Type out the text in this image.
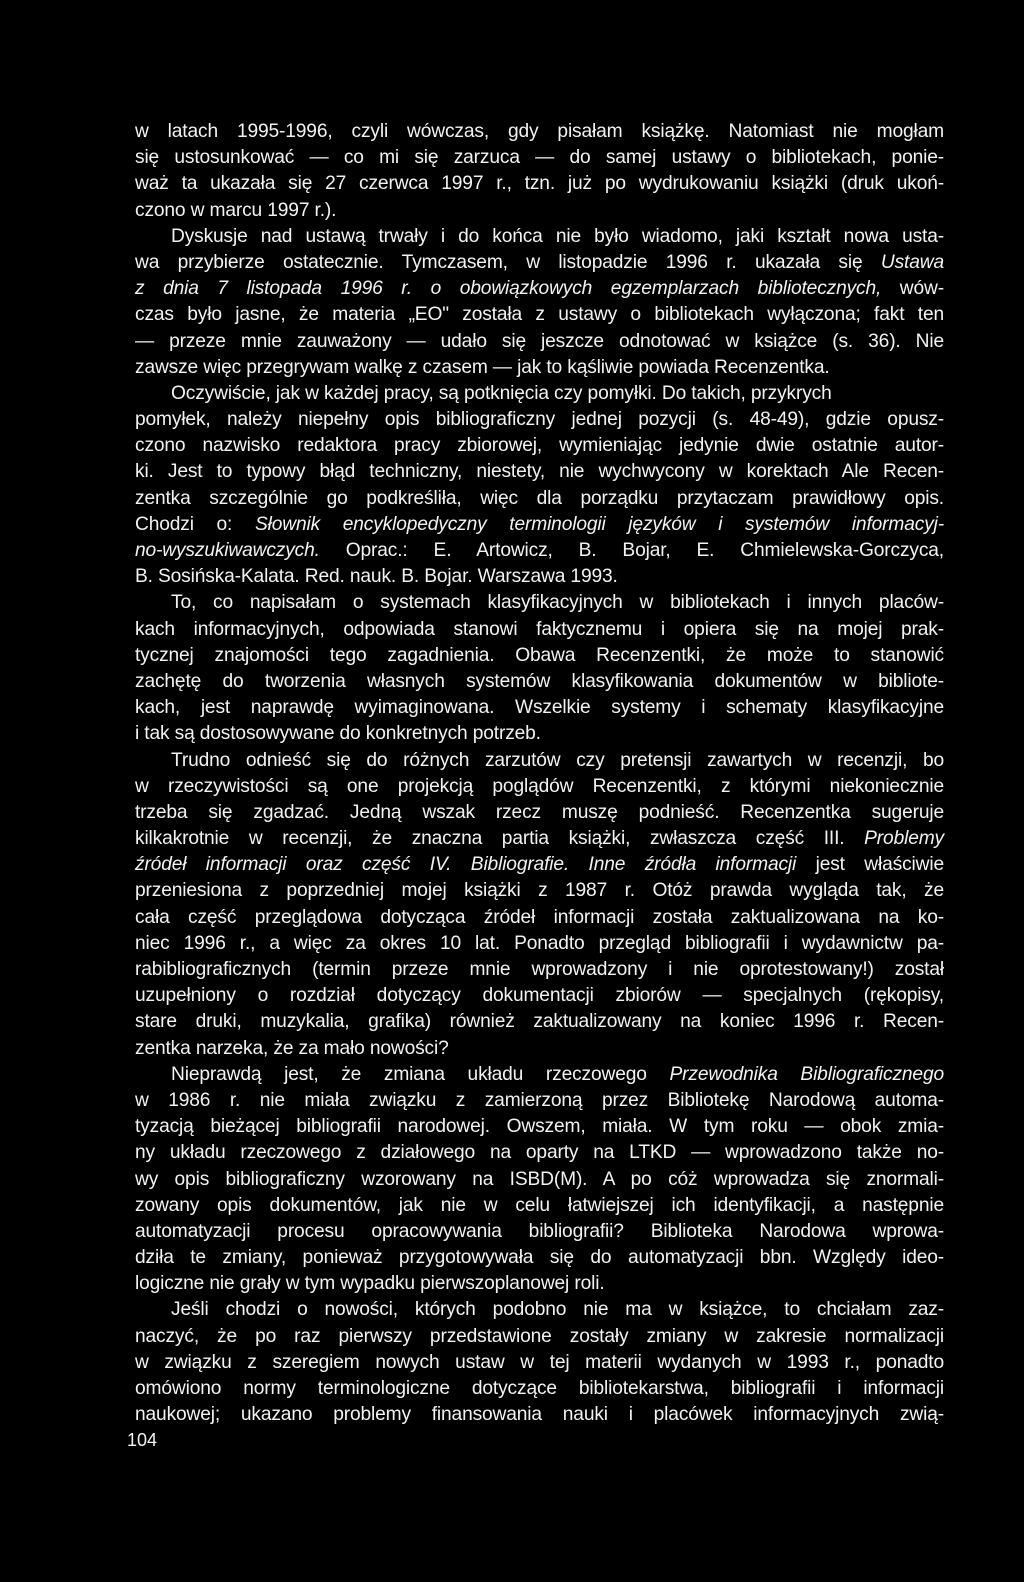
w latach 1995-1996, czyli wówczas, gdy pisałam książkę. Natomiast nie mogłam
się ustosunkować — co mi się zarzuca — do samej ustawy o bibliotekach, ponie-
waż ta ukazała się 27 czerwca 1997 r., tzn. już po wydrukowaniu książki (druk ukoń-
czono w marcu 1997 r.).
Dyskusje nad ustawą trwały i do końca nie było wiadomo, jaki kształt nowa usta-
wa przybierze ostatecznie. Tymczasem, w listopadzie 1996 r. ukazała się Ustawa
z dnia 7 listopada 1996 r. o obowiązkowych egzemplarzach bibliotecznych, wów-
czas było jasne, że materia „EO" została z ustawy o bibliotekach wyłączona; fakt ten
— przeze mnie zauważony — udało się jeszcze odnotować w książce (s. 36). Nie
zawsze więc przegrywam walkę z czasem — jak to kąśliwie powiada Recenzentka.
Oczywiście, jak w każdej pracy, są potknięcia czy pomyłki. Do takich, przykrych
pomyłek, należy niepełny opis bibliograficzny jednej pozycji (s. 48-49), gdzie opusz-
czono nazwisko redaktora pracy zbiorowej, wymieniając jedynie dwie ostatnie autor-
ki. Jest to typowy błąd techniczny, niestety, nie wychwycony w korektach Ale Recen-
zentka szczególnie go podkreśliła, więc dla porządku przytaczam prawidłowy opis.
Chodzi o: Słownik encyklopedyczny terminologii języków i systemów informacyj-
no-wyszukiwawczych. Oprac.: E. Artowicz, B. Bojar, E. Chmielewska-Gorczyca,
B. Sosińska-Kalata. Red. nauk. B. Bojar. Warszawa 1993.
To, co napisałam o systemach klasyfikacyjnych w bibliotekach i innych placów-
kach informacyjnych, odpowiada stanowi faktycznemu i opiera się na mojej prak-
tycznej znajomości tego zagadnienia. Obawa Recenzentki, że może to stanowić
zachętę do tworzenia własnych systemów klasyfikowania dokumentów w bibliote-
kach, jest naprawdę wyimaginowana. Wszelkie systemy i schematy klasyfikacyjne
i tak są dostosowywane do konkretnych potrzeb.
Trudno odnieść się do różnych zarzutów czy pretensji zawartych w recenzji, bo
w rzeczywistości są one projekcją poglądów Recenzentki, z którymi niekoniecznie
trzeba się zgadzać. Jedną wszak rzecz muszę podnieść. Recenzentka sugeruje
kilkakrotnie w recenzji, że znaczna partia książki, zwłaszcza część III. Problemy
źródeł informacji oraz część IV. Bibliografie. Inne źródła informacji jest właściwie
przeniesiona z poprzedniej mojej książki z 1987 r. Otóż prawda wygląda tak, że
cała część przeglądowa dotycząca źródeł informacji została zaktualizowana na ko-
niec 1996 r., a więc za okres 10 lat. Ponadto przegląd bibliografii i wydawnictw pa-
rabibliograficznych (termin przeze mnie wprowadzony i nie oprotestowany!) został
uzupełniony o rozdział dotyczący dokumentacji zbiorów — specjalnych (rękopisy,
stare druki, muzykalia, grafika) również zaktualizowany na koniec 1996 r. Recen-
zentka narzeka, że za mało nowości?
Nieprawdą jest, że zmiana układu rzeczowego Przewodnika Bibliograficznego
w 1986 r. nie miała związku z zamierzoną przez Bibliotekę Narodową automa-
tyzacją bieżącej bibliografii narodowej. Owszem, miała. W tym roku — obok zmia-
ny układu rzeczowego z działowego na oparty na LTKD — wprowadzono także no-
wy opis bibliograficzny wzorowany na ISBD(M). A po cóż wprowadza się znormali-
zowany opis dokumentów, jak nie w celu łatwiejszej ich identyfikacji, a następnie
automatyzacji procesu opracowywania bibliografii? Biblioteka Narodowa wprowa-
dziła te zmiany, ponieważ przygotowywała się do automatyzacji bbn. Względy ideo-
logiczne nie grały w tym wypadku pierwszoplanowej roli.
Jeśli chodzi o nowości, których podobno nie ma w książce, to chciałam zaz-
naczyć, że po raz pierwszy przedstawione zostały zmiany w zakresie normalizacji
w związku z szeregiem nowych ustaw w tej materii wydanych w 1993 r., ponadto
omówiono normy terminologiczne dotyczące bibliotekarstwa, bibliografii i informacji
naukowej; ukazano problemy finansowania nauki i placówek informacyjnych zwią-
104
